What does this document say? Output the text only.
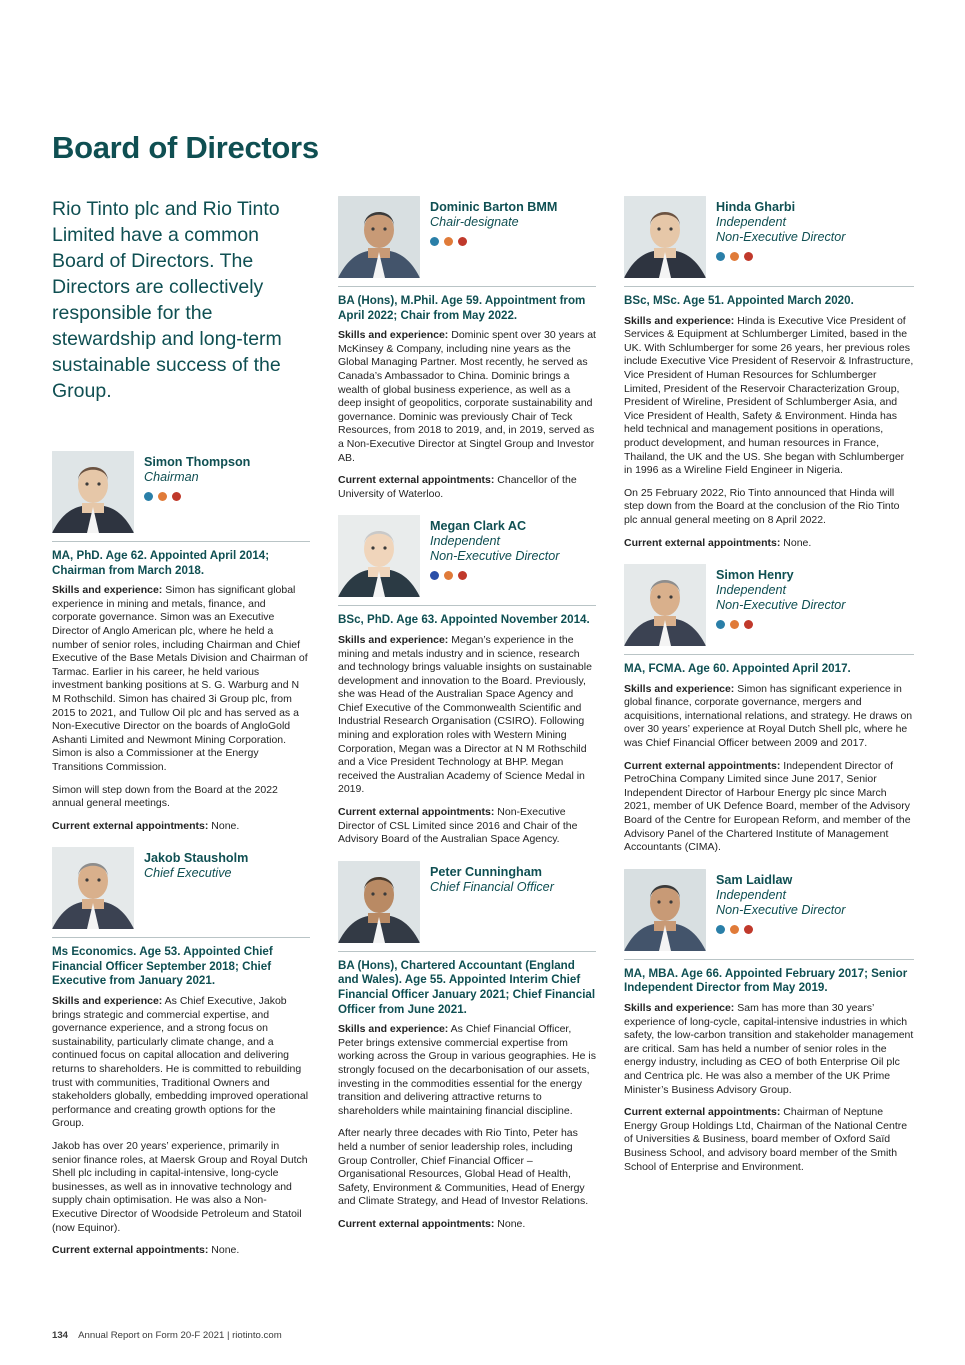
Board of Directors
Rio Tinto plc and Rio Tinto Limited have a common Board of Directors. The Directors are collectively responsible for the stewardship and long-term sustainable success of the Group.
Simon Thompson
Chairman
MA, PhD. Age 62. Appointed April 2014; Chairman from March 2018.

Skills and experience: Simon has significant global experience in mining and metals, finance, and corporate governance. Simon was an Executive Director of Anglo American plc, where he held a number of senior roles, including Chairman and Chief Executive of the Base Metals Division and Chairman of Tarmac. Earlier in his career, he held various investment banking positions at S. G. Warburg and N M Rothschild. Simon has chaired 3i Group plc, from 2015 to 2021, and Tullow Oil plc and has served as a Non-Executive Director on the boards of AngloGold Ashanti Limited and Newmont Mining Corporation. Simon is also a Commissioner at the Energy Transitions Commission.

Simon will step down from the Board at the 2022 annual general meetings.

Current external appointments: None.

Jakob Stausholm
Chief Executive
Ms Economics. Age 53. Appointed Chief Financial Officer September 2018; Chief Executive from January 2021.

Skills and experience: As Chief Executive, Jakob brings strategic and commercial expertise, and governance experience, and a strong focus on sustainability, particularly climate change, and a continued focus on capital allocation and delivering returns to shareholders. He is committed to rebuilding trust with communities, Traditional Owners and stakeholders globally, embedding improved operational performance and creating growth options for the Group.

Jakob has over 20 years’ experience, primarily in senior finance roles, at Maersk Group and Royal Dutch Shell plc including in capital-intensive, long-cycle businesses, as well as in innovative technology and supply chain optimisation. He was also a Non-Executive Director of Woodside Petroleum and Statoil (now Equinor).

Current external appointments: None.

Dominic Barton BMM
Chair-designate
BA (Hons), M.Phil. Age 59. Appointment from April 2022; Chair from May 2022.

Skills and experience: Dominic spent over 30 years at McKinsey & Company, including nine years as the Global Managing Partner. Most recently, he served as Canada’s Ambassador to China. Dominic brings a wealth of global business experience, as well as a deep insight of geopolitics, corporate sustainability and governance. Dominic was previously Chair of Teck Resources, from 2018 to 2019, and, in 2019, served as a Non-Executive Director at Singtel Group and Investor AB.

Current external appointments: Chancellor of the University of Waterloo.

Megan Clark AC
Independent
Non-Executive Director
BSc, PhD. Age 63. Appointed November 2014.

Skills and experience: Megan’s experience in the mining and metals industry and in science, research and technology brings valuable insights on sustainable development and innovation to the Board. Previously, she was Head of the Australian Space Agency and Chief Executive of the Commonwealth Scientific and Industrial Research Organisation (CSIRO). Following mining and exploration roles with Western Mining Corporation, Megan was a Director at N M Rothschild and a Vice President Technology at BHP. Megan received the Australian Academy of Science Medal in 2019.

Current external appointments: Non-Executive Director of CSL Limited since 2016 and Chair of the Advisory Board of the Australian Space Agency.

Peter Cunningham
Chief Financial Officer
BA (Hons), Chartered Accountant (England and Wales). Age 55. Appointed Interim Chief Financial Officer January 2021; Chief Financial Officer from June 2021.

Skills and experience: As Chief Financial Officer, Peter brings extensive commercial expertise from working across the Group in various geographies. He is strongly focused on the decarbonisation of our assets, investing in the commodities essential for the energy transition and delivering attractive returns to shareholders while maintaining financial discipline.

After nearly three decades with Rio Tinto, Peter has held a number of senior leadership roles, including Group Controller, Chief Financial Officer – Organisational Resources, Global Head of Health, Safety, Environment & Communities, Head of Energy and Climate Strategy, and Head of Investor Relations.

Current external appointments: None.

Hinda Gharbi
Independent
Non-Executive Director
BSc, MSc. Age 51. Appointed March 2020.

Skills and experience: Hinda is Executive Vice President of Services & Equipment at Schlumberger Limited, based in the UK. With Schlumberger for some 26 years, her previous roles include Executive Vice President of Reservoir & Infrastructure, Vice President of Human Resources for Schlumberger Limited, President of the Reservoir Characterization Group, President of Wireline, President of Schlumberger Asia, and Vice President of Health, Safety & Environment. Hinda has held technical and management positions in operations, product development, and human resources in France, Thailand, the UK and the US. She began with Schlumberger in 1996 as a Wireline Field Engineer in Nigeria.

On 25 February 2022, Rio Tinto announced that Hinda will step down from the Board at the conclusion of the Rio Tinto plc annual general meeting on 8 April 2022.

Current external appointments: None.

Simon Henry
Independent
Non-Executive Director
MA, FCMA. Age 60. Appointed April 2017.

Skills and experience: Simon has significant experience in global finance, corporate governance, mergers and acquisitions, international relations, and strategy. He draws on over 30 years’ experience at Royal Dutch Shell plc, where he was Chief Financial Officer between 2009 and 2017.

Current external appointments: Independent Director of PetroChina Company Limited since June 2017, Senior Independent Director of Harbour Energy plc since March 2021, member of UK Defence Board, member of the Advisory Board of the Centre for European Reform, and member of the Advisory Panel of the Chartered Institute of Management Accountants (CIMA).

Sam Laidlaw
Independent
Non-Executive Director
MA, MBA. Age 66. Appointed February 2017; Senior Independent Director from May 2019.

Skills and experience: Sam has more than 30 years’ experience of long-cycle, capital-intensive industries in which safety, the low-carbon transition and stakeholder management are critical. Sam has held a number of senior roles in the energy industry, including as CEO of both Enterprise Oil plc and Centrica plc. He was also a member of the UK Prime Minister’s Business Advisory Group.

Current external appointments: Chairman of Neptune Energy Group Holdings Ltd, Chairman of the National Centre of Universities & Business, board member of Oxford Saïd Business School, and advisory board member of the Smith School of Enterprise and Environment.

134 Annual Report on Form 20-F 2021 | riotinto.com
